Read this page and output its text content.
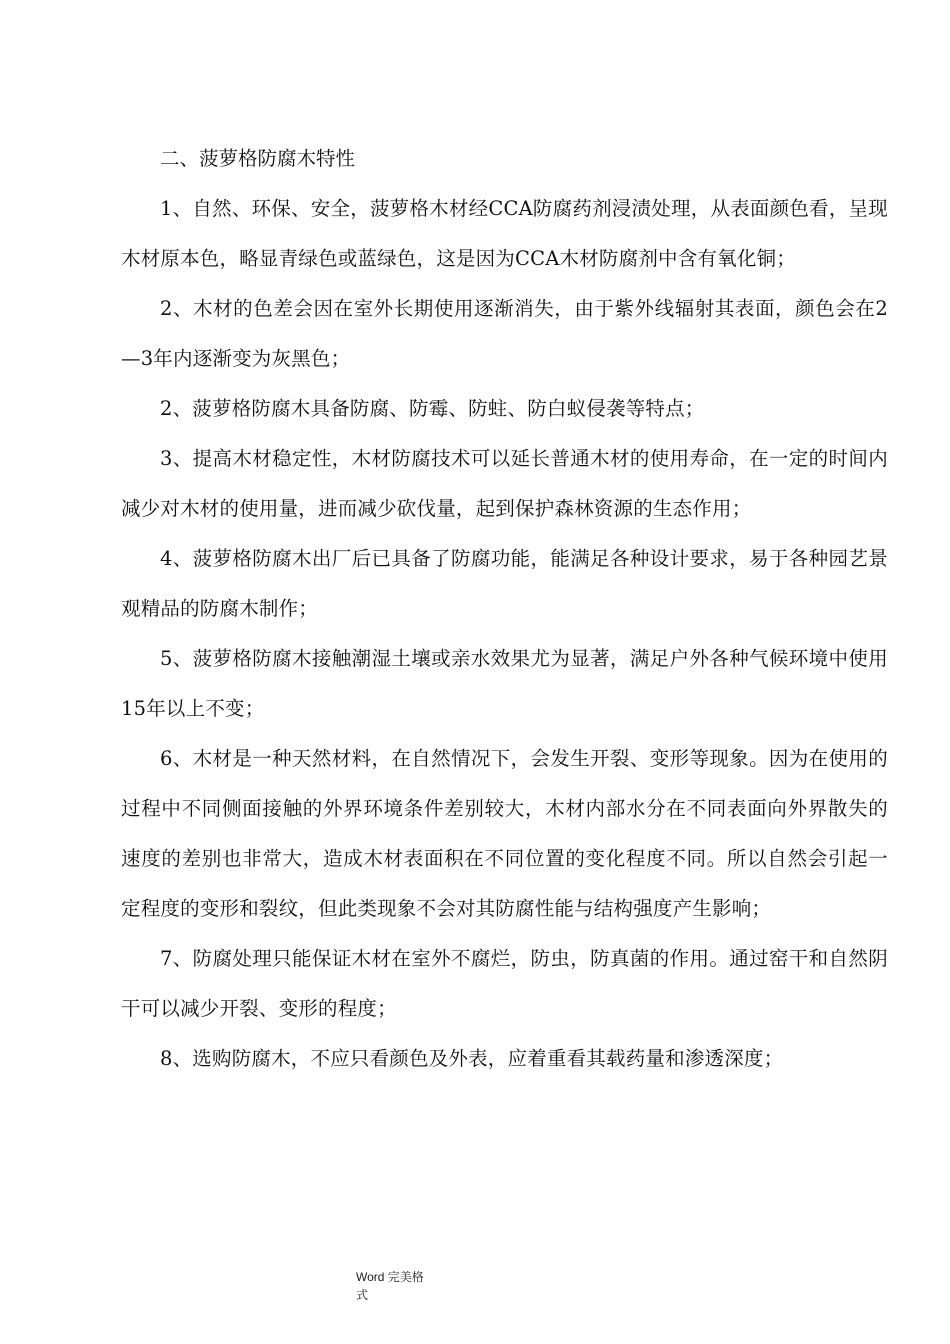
二、菠萝格防腐木特性

1、自然、环保、安全，菠萝格木材经CCA防腐药剂浸渍处理，从表面颜色看，呈现木材原本色，略显青绿色或蓝绿色，这是因为CCA木材防腐剂中含有氧化铜；

2、木材的色差会因在室外长期使用逐渐消失，由于紫外线辐射其表面，颜色会在2—3年内逐渐变为灰黑色；

2、菠萝格防腐木具备防腐、防霉、防蛀、防白蚁侵袭等特点；

3、提高木材稳定性，木材防腐技术可以延长普通木材的使用寿命，在一定的时间内减少对木材的使用量，进而减少砍伐量，起到保护森林资源的生态作用；

4、菠萝格防腐木出厂后已具备了防腐功能，能满足各种设计要求，易于各种园艺景观精品的防腐木制作；

5、菠萝格防腐木接触潮湿土壤或亲水效果尤为显著，满足户外各种气候环境中使用15年以上不变；

6、木材是一种天然材料，在自然情况下，会发生开裂、变形等现象。因为在使用的过程中不同侧面接触的外界环境条件差别较大，木材内部水分在不同表面向外界散失的速度的差别也非常大，造成木材表面积在不同位置的变化程度不同。所以自然会引起一定程度的变形和裂纹，但此类现象不会对其防腐性能与结构强度产生影响；

7、防腐处理只能保证木材在室外不腐烂，防虫，防真菌的作用。通过窑干和自然阴干可以减少开裂、变形的程度；

8、选购防腐木，不应只看颜色及外表，应着重看其载药量和渗透深度；

Word 完美格
式
